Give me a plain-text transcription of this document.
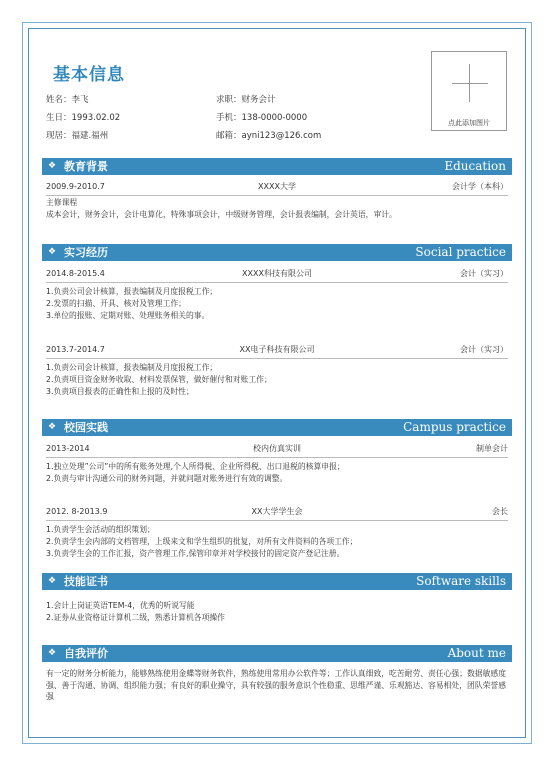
基本信息
姓名：李飞
生日：1993.02.02
现居：福建.福州
求职：财务会计
手机：138-0000-0000
邮箱：ayni123@126.com
点此添加图片
❖ 教育背景	Education
2009.9-2010.7	XXXX大学	会计学（本科）
主修课程
成本会计，财务会计，会计电算化，特殊事项会计，中级财务管理，会计报表编制，会计英语，审计。
❖ 实习经历	Social practice
2014.8-2015.4	XXXX科技有限公司	会计（实习）
1.负责公司会计核算，报表编制及月度报税工作；
2.发票的扫描、开具、核对及管理工作；
3.单位的报账、定期对账、处理账务相关的事。
2013.7-2014.7	XX电子科技有限公司	会计（实习）
1.负责公司会计核算，报表编制及月度报税工作；
2.负责项目资金财务收取、材料发票保管，做好催付和对账工作；
3.负责项目报表的正确性和上报的及时性；
❖ 校园实践	Campus practice
2013-2014	校内仿真实训	制单会计
1.独立处理”公司”中的所有账务处理,个人所得税、企业所得税、出口退税的核算申报；
2.负责与审计沟通公司的财务问题，并就问题对账务进行有效的调整。
2012. 8-2013.9	XX大学学生会	会长
1.负责学生会活动的组织策划；
2.负责学生会内部的文档管理，上级来文和学生组织的批复，对所有文件资料的各项工作；
3.负责学生会的工作汇报，资产管理工作,保管印章并对学校接付的固定资产登记注册。
❖ 技能证书	Software skills
1.会计上岗证英语TEM-4，优秀的听说写能
2.证券从业资格证计算机二级，熟悉计算机各项操作
❖ 自我评价	About me
有一定的财务分析能力，能够熟练使用金蝶等财务软件，熟练使用常用办公软件等；工作认真细致，吃苦耐劳、责任心强；数据敏感度强、善于沟通、协调、组织能力强；有良好的职业操守，具有较强的服务意识个性稳重、思维严谨、乐观豁达、容易相处，团队荣誉感强
